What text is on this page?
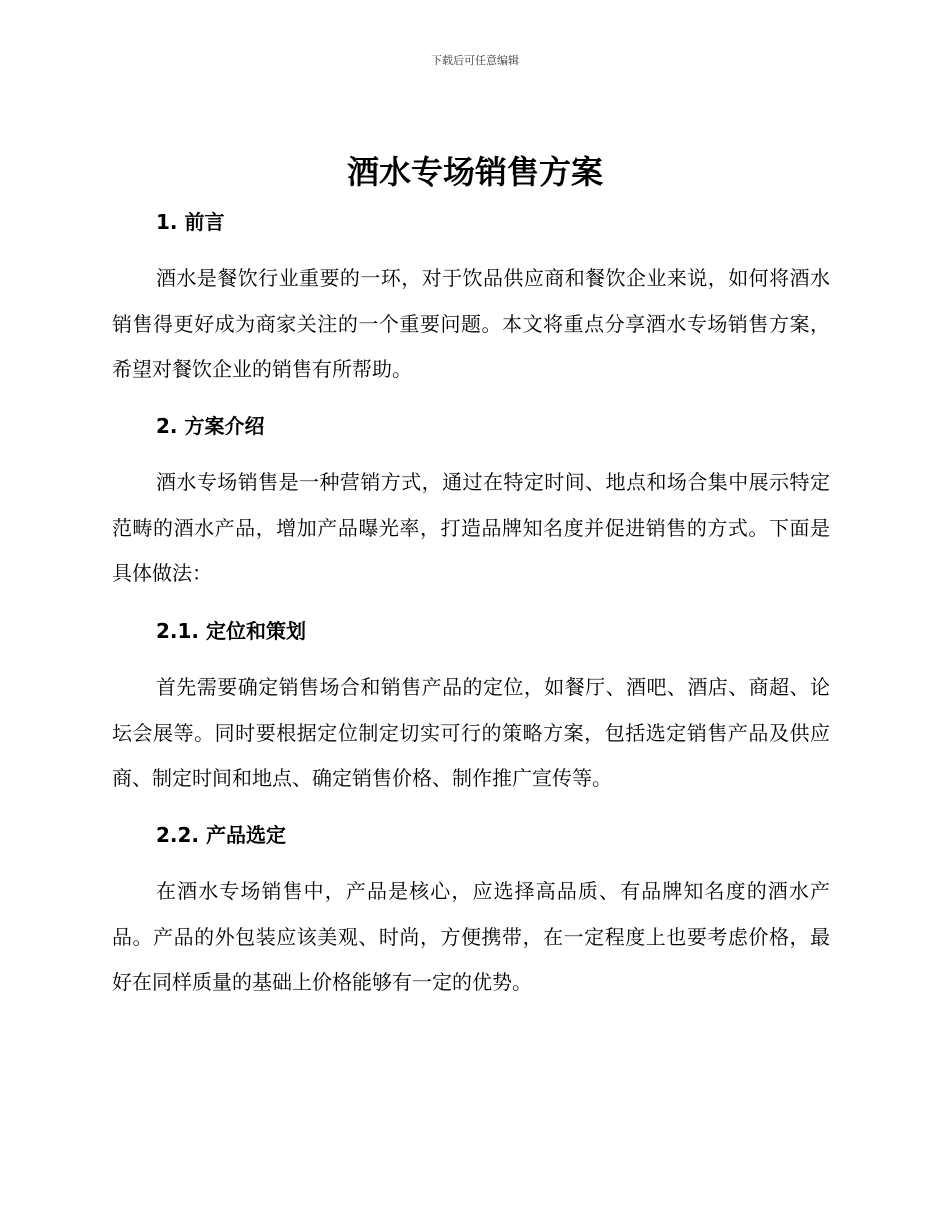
下载后可任意编辑
酒水专场销售方案
1. 前言

酒水是餐饮行业重要的一环，对于饮品供应商和餐饮企业来说，如何将酒水销售得更好成为商家关注的一个重要问题。本文将重点分享酒水专场销售方案，希望对餐饮企业的销售有所帮助。

2. 方案介绍

酒水专场销售是一种营销方式，通过在特定时间、地点和场合集中展示特定范畴的酒水产品，增加产品曝光率，打造品牌知名度并促进销售的方式。下面是具体做法：

2.1. 定位和策划

首先需要确定销售场合和销售产品的定位，如餐厅、酒吧、酒店、商超、论坛会展等。同时要根据定位制定切实可行的策略方案，包括选定销售产品及供应商、制定时间和地点、确定销售价格、制作推广宣传等。

2.2. 产品选定

在酒水专场销售中，产品是核心，应选择高品质、有品牌知名度的酒水产品。产品的外包装应该美观、时尚，方便携带，在一定程度上也要考虑价格，最好在同样质量的基础上价格能够有一定的优势。
